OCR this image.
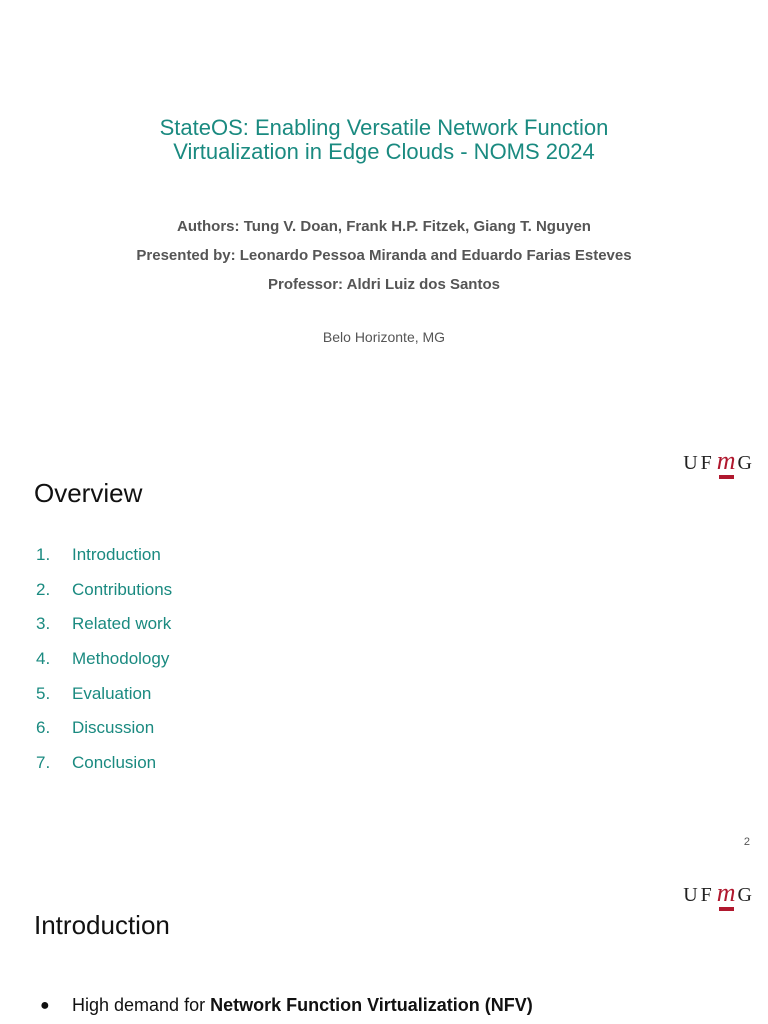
StateOS: Enabling Versatile Network Function
Virtualization in Edge Clouds - NOMS 2024
Authors: Tung V. Doan, Frank H.P. Fitzek, Giang T. Nguyen
Presented by: Leonardo Pessoa Miranda and Eduardo Farias Esteves
Professor: Aldri Luiz dos Santos
Belo Horizonte, MG
UFm G
Overview
1.	Introduction
2.	Contributions
3.	Related work
4.	Methodology
5.	Evaluation
6.	Discussion
7.	Conclusion
2
UFm G
Introduction
●	High demand for Network Function Virtualization (NFV)
